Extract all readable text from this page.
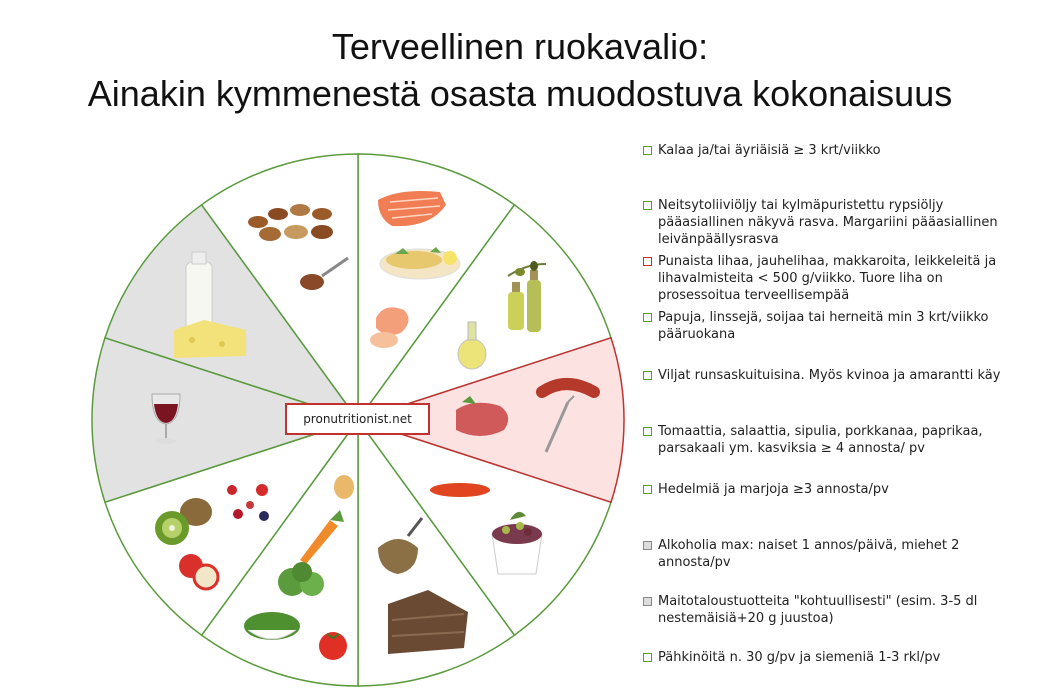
Terveellinen ruokavalio:
Ainakin kymmenestä osasta muodostuva kokonaisuus
pronutritionist.net
Kalaa ja/tai äyriäisiä ≥ 3 krt/viikko
Neitsytoliiviöljy tai kylmäpuristettu rypsiöljy pääasiallinen näkyvä rasva. Margariini pääasiallinen leivänpäällysrasva
Punaista lihaa, jauhelihaa, makkaroita, leikkeleitä ja lihavalmisteita < 500 g/viikko. Tuore liha on prosessoitua terveellisempää
Papuja, linssejä, soijaa tai herneitä min 3 krt/viikko pääruokana
Viljat runsaskuituisina. Myös kvinoa ja amarantti käy
Tomaattia, salaattia, sipulia, porkkanaa, paprikaa, parsakaali ym. kasviksia ≥ 4 annosta/ pv
Hedelmiä ja marjoja ≥3 annosta/pv
Alkoholia max: naiset 1 annos/päivä, miehet 2 annosta/pv
Maitotaloustuotteita "kohtuullisesti" (esim. 3-5 dl nestemäisiä+20 g juustoa)
Pähkinöitä n. 30 g/pv ja siemeniä 1-3 rkl/pv
